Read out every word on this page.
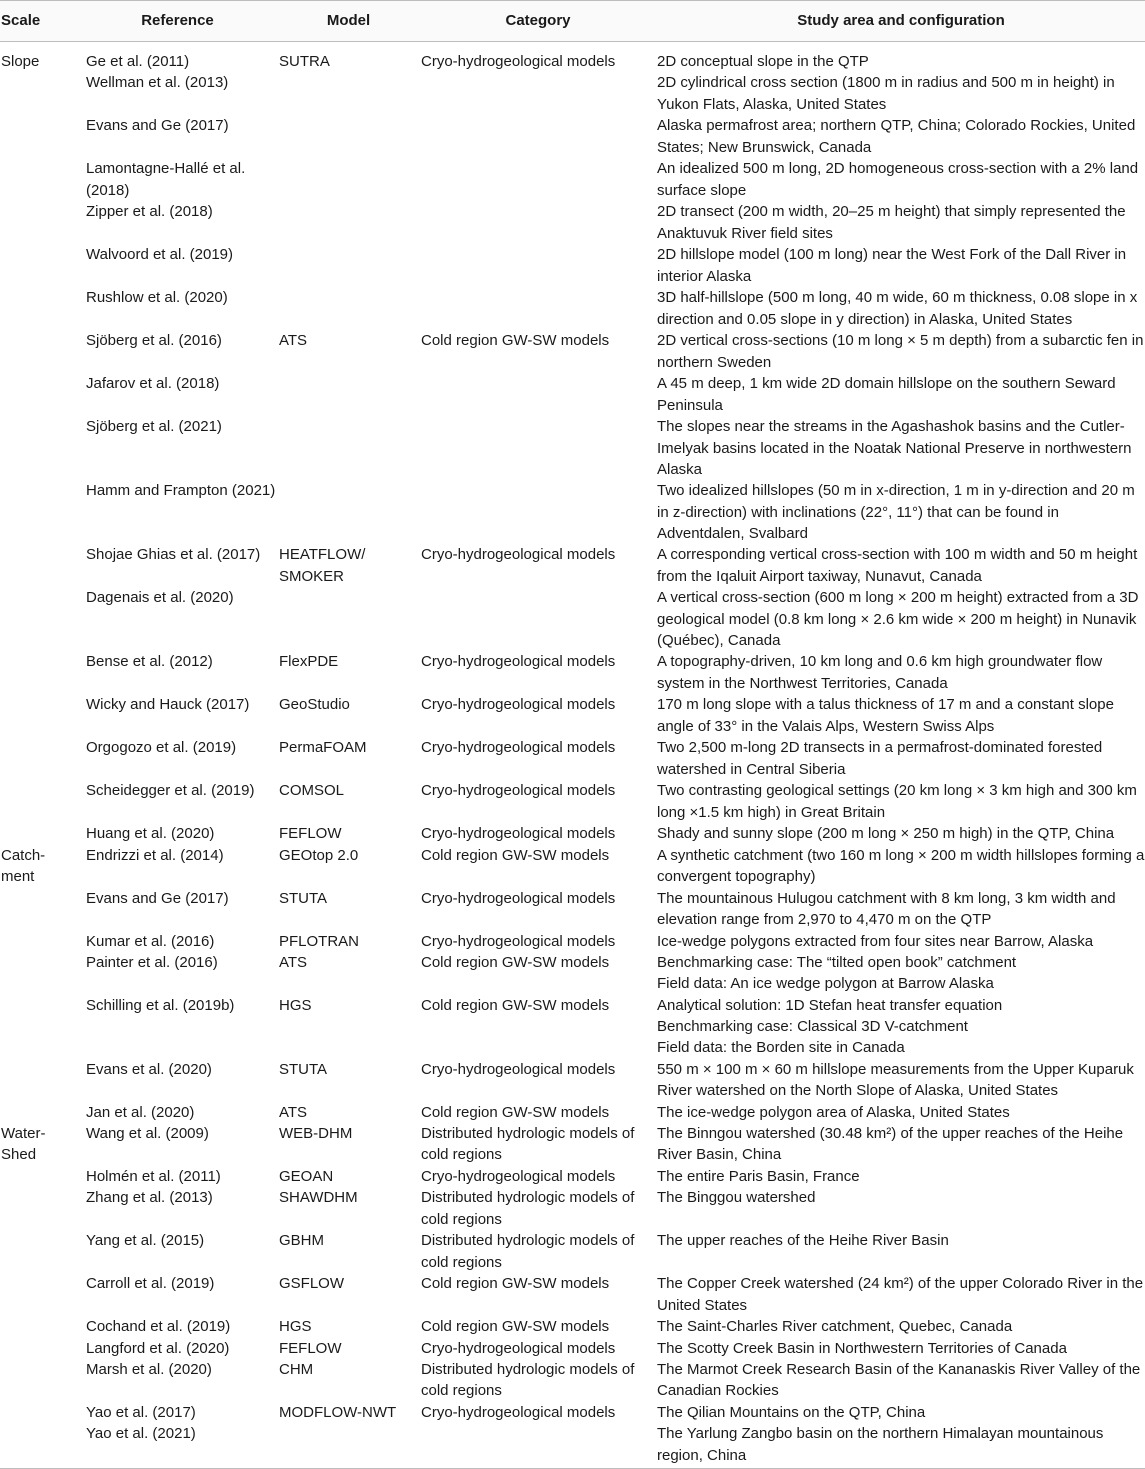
Scale	Reference	Model	Category	Study area and configuration
Slope	Ge et al. (2011)	SUTRA	Cryo-hydrogeological models	2D conceptual slope in the QTP
	Wellman et al. (2013)			2D cylindrical cross section (1800 m in radius and 500 m in height) in Yukon Flats, Alaska, United States
	Evans and Ge (2017)			Alaska permafrost area; northern QTP, China; Colorado Rockies, United States; New Brunswick, Canada
	Lamontagne-Hallé et al. (2018)			An idealized 500 m long, 2D homogeneous cross-section with a 2% land surface slope
	Zipper et al. (2018)			2D transect (200 m width, 20–25 m height) that simply represented the Anaktuvuk River field sites
	Walvoord et al. (2019)			2D hillslope model (100 m long) near the West Fork of the Dall River in interior Alaska
	Rushlow et al. (2020)			3D half-hillslope (500 m long, 40 m wide, 60 m thickness, 0.08 slope in x direction and 0.05 slope in y direction) in Alaska, United States
	Sjöberg et al. (2016)	ATS	Cold region GW-SW models	2D vertical cross-sections (10 m long × 5 m depth) from a subarctic fen in northern Sweden
	Jafarov et al. (2018)			A 45 m deep, 1 km wide 2D domain hillslope on the southern Seward Peninsula
	Sjöberg et al. (2021)			The slopes near the streams in the Agashashok basins and the Cutler-Imelyak basins located in the Noatak National Preserve in northwestern Alaska
	Hamm and Frampton (2021)			Two idealized hillslopes (50 m in x-direction, 1 m in y-direction and 20 m in z-direction) with inclinations (22°, 11°) that can be found in Adventdalen, Svalbard
	Shojae Ghias et al. (2017)	HEATFLOW/ SMOKER	Cryo-hydrogeological models	A corresponding vertical cross-section with 100 m width and 50 m height from the Iqaluit Airport taxiway, Nunavut, Canada
	Dagenais et al. (2020)			A vertical cross-section (600 m long × 200 m height) extracted from a 3D geological model (0.8 km long × 2.6 km wide × 200 m height) in Nunavik (Québec), Canada
	Bense et al. (2012)	FlexPDE	Cryo-hydrogeological models	A topography-driven, 10 km long and 0.6 km high groundwater flow system in the Northwest Territories, Canada
	Wicky and Hauck (2017)	GeoStudio	Cryo-hydrogeological models	170 m long slope with a talus thickness of 17 m and a constant slope angle of 33° in the Valais Alps, Western Swiss Alps
	Orgogozo et al. (2019)	PermaFOAM	Cryo-hydrogeological models	Two 2,500 m-long 2D transects in a permafrost-dominated forested watershed in Central Siberia
	Scheidegger et al. (2019)	COMSOL	Cryo-hydrogeological models	Two contrasting geological settings (20 km long × 3 km high and 300 km long ×1.5 km high) in Great Britain
	Huang et al. (2020)	FEFLOW	Cryo-hydrogeological models	Shady and sunny slope (200 m long × 250 m high) in the QTP, China
Catch-ment	Endrizzi et al. (2014)	GEOtop 2.0	Cold region GW-SW models	A synthetic catchment (two 160 m long × 200 m width hillslopes forming a convergent topography)
	Evans and Ge (2017)	STUTA	Cryo-hydrogeological models	The mountainous Hulugou catchment with 8 km long, 3 km width and elevation range from 2,970 to 4,470 m on the QTP
	Kumar et al. (2016)	PFLOTRAN	Cryo-hydrogeological models	Ice-wedge polygons extracted from four sites near Barrow, Alaska
	Painter et al. (2016)	ATS	Cold region GW-SW models	Benchmarking case: The “tilted open book” catchment
Field data: An ice wedge polygon at Barrow Alaska
	Schilling et al. (2019b)	HGS	Cold region GW-SW models	Analytical solution: 1D Stefan heat transfer equation
Benchmarking case: Classical 3D V-catchment
Field data: the Borden site in Canada
	Evans et al. (2020)	STUTA	Cryo-hydrogeological models	550 m × 100 m × 60 m hillslope measurements from the Upper Kuparuk River watershed on the North Slope of Alaska, United States
	Jan et al. (2020)	ATS	Cold region GW-SW models	The ice-wedge polygon area of Alaska, United States
Water-Shed	Wang et al. (2009)	WEB-DHM	Distributed hydrologic models of cold regions	The Binngou watershed (30.48 km²) of the upper reaches of the Heihe River Basin, China
	Holmén et al. (2011)	GEOAN	Cryo-hydrogeological models	The entire Paris Basin, France
	Zhang et al. (2013)	SHAWDHM	Distributed hydrologic models of cold regions	The Binggou watershed
	Yang et al. (2015)	GBHM	Distributed hydrologic models of cold regions	The upper reaches of the Heihe River Basin
	Carroll et al. (2019)	GSFLOW	Cold region GW-SW models	The Copper Creek watershed (24 km²) of the upper Colorado River in the United States
	Cochand et al. (2019)	HGS	Cold region GW-SW models	The Saint-Charles River catchment, Quebec, Canada
	Langford et al. (2020)	FEFLOW	Cryo-hydrogeological models	The Scotty Creek Basin in Northwestern Territories of Canada
	Marsh et al. (2020)	CHM	Distributed hydrologic models of cold regions	The Marmot Creek Research Basin of the Kananaskis River Valley of the Canadian Rockies
	Yao et al. (2017)	MODFLOW-NWT	Cryo-hydrogeological models	The Qilian Mountains on the QTP, China
	Yao et al. (2021)			The Yarlung Zangbo basin on the northern Himalayan mountainous region, China
